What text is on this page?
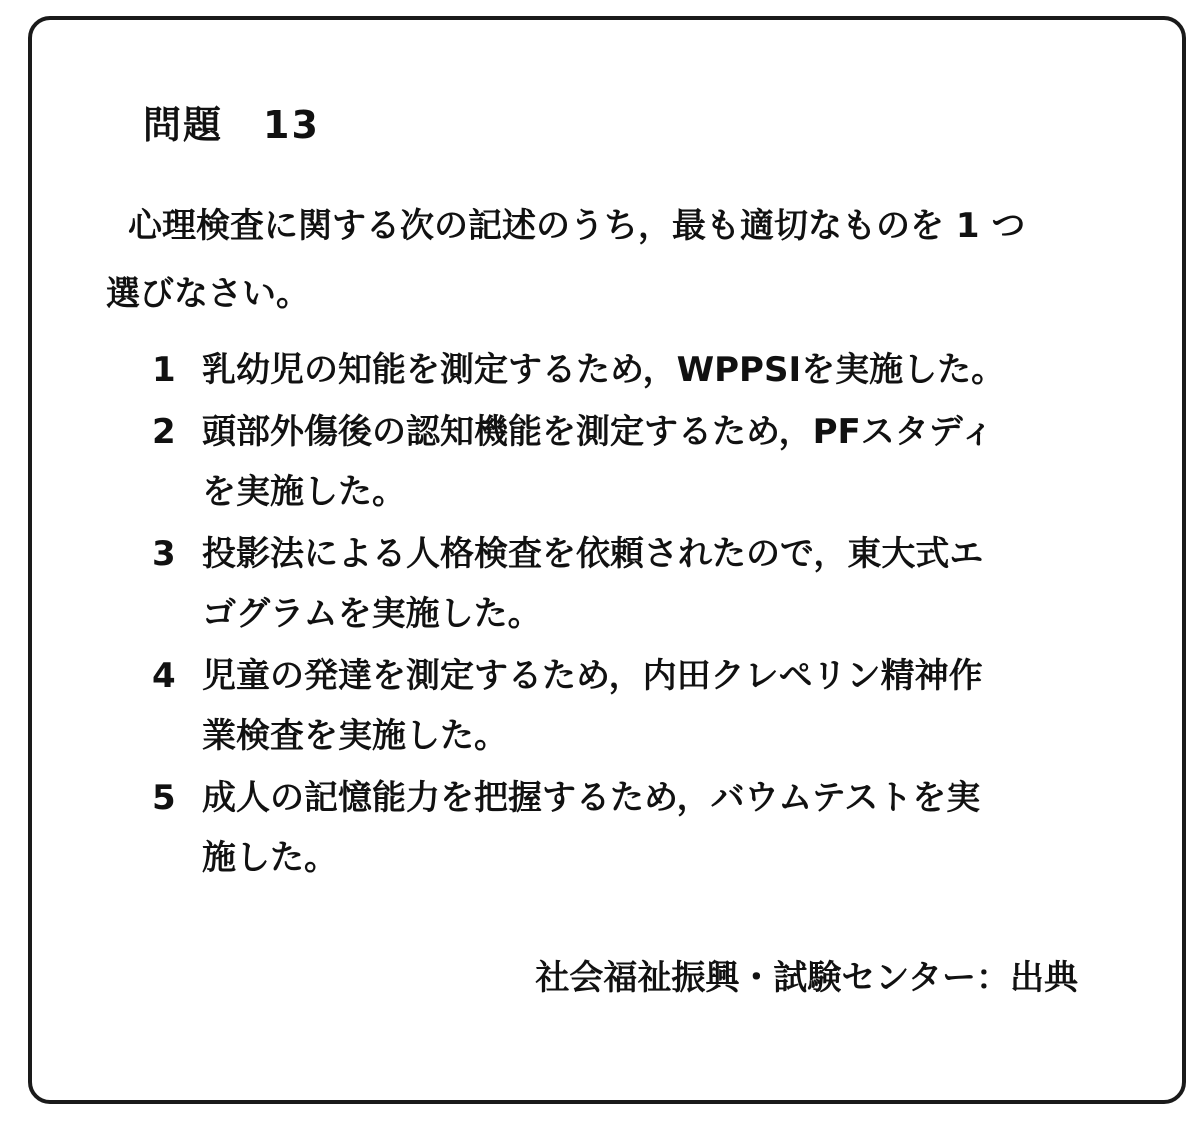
問題　13
心理検査に関する次の記述のうち，最も適切なものを 1 つ
選びなさい。
1 乳幼児の知能を測定するため，WPPSIを実施した。
2 頭部外傷後の認知機能を測定するため，PFスタディ
を実施した。
3 投影法による人格検査を依頼されたので，東大式エ
ゴグラムを実施した。
4 児童の発達を測定するため，内田クレペリン精神作
業検査を実施した。
5 成人の記憶能力を把握するため，バウムテストを実
施した。
社会福祉振興・試験センター：出典
